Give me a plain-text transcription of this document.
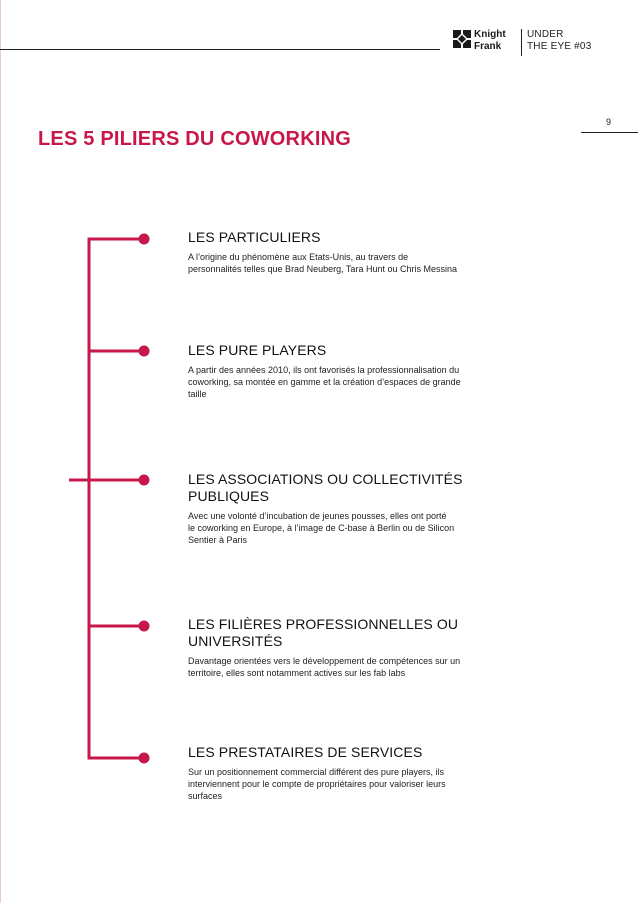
Knight
Frank
UNDER
THE EYE #03
9
LES 5 PILIERS DU COWORKING
LES PARTICULIERS

A l’origine du phénomène aux Etats-Unis, au travers de
personnalités telles que Brad Neuberg, Tara Hunt ou Chris Messina

LES PURE PLAYERS

A partir des années 2010, ils ont favorisés la professionnalisation du
coworking, sa montée en gamme et la création d’espaces de grande
taille

LES ASSOCIATIONS OU COLLECTIVITÉS
PUBLIQUES

Avec une volonté d’incubation de jeunes pousses, elles ont porté
le coworking en Europe, à l’image de C-base à Berlin ou de Silicon
Sentier à Paris

LES FILIÈRES PROFESSIONNELLES OU
UNIVERSITÉS

Davantage orientées vers le développement de compétences sur un
territoire, elles sont notamment actives sur les fab labs

LES PRESTATAIRES DE SERVICES

Sur un positionnement commercial différent des pure players, ils
interviennent pour le compte de propriétaires pour valoriser leurs
surfaces
